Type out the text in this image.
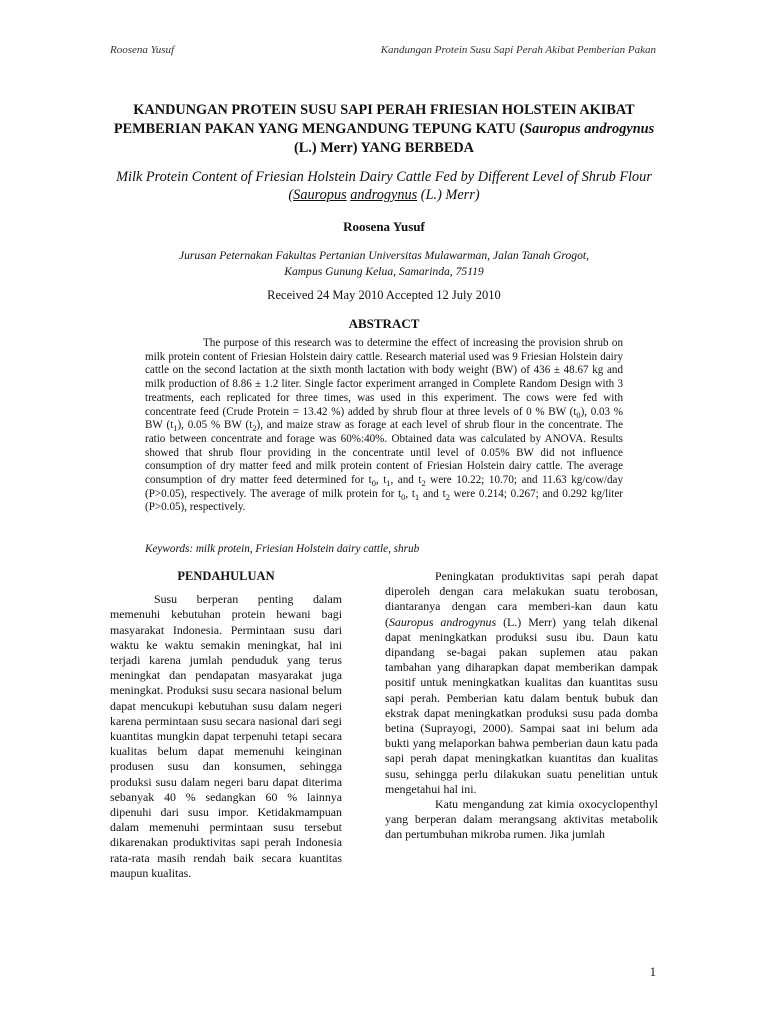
Roosena Yusuf	Kandungan Protein Susu Sapi Perah Akibat Pemberian Pakan
KANDUNGAN PROTEIN SUSU SAPI PERAH FRIESIAN HOLSTEIN AKIBAT PEMBERIAN PAKAN YANG MENGANDUNG TEPUNG KATU (Sauropus androgynus (L.) Merr) YANG BERBEDA
Milk Protein Content of Friesian Holstein Dairy Cattle Fed by Different Level of Shrub Flour (Sauropus androgynus (L.) Merr)
Roosena Yusuf
Jurusan Peternakan Fakultas Pertanian Universitas Mulawarman, Jalan Tanah Grogot,
Kampus Gunung Kelua, Samarinda, 75119
Received 24 May 2010 Accepted 12 July 2010
ABSTRACT

The purpose of this research was to determine the effect of increasing the provision shrub on milk protein content of Friesian Holstein dairy cattle. Research material used was 9 Friesian Holstein dairy cattle on the second lactation at the sixth month lactation with body weight (BW) of 436 ± 48.67 kg and milk production of 8.86 ± 1.2 liter. Single factor experiment arranged in Complete Random Design with 3 treatments, each replicated for three times, was used in this experiment. The cows were fed with concentrate feed (Crude Protein = 13.42 %) added by shrub flour at three levels of 0 % BW $(t_0)$, 0.03 % BW $(t_1)$, 0.05 % BW $(t_2)$, and maize straw as forage at each level of shrub flour in the concentrate. The ratio between concentrate and forage was 60%:40%. Obtained data was calculated by ANOVA. Results showed that shrub flour providing in the concentrate until level of 0.05% BW did not influence consumption of dry matter feed and milk protein content of Friesian Holstein dairy cattle. The average consumption of dry matter feed determined for $t_0$, $t_1$, and $t_2$ were 10.22; 10.70; and 11.63 kg/cow/day (P>0.05), respectively. The average of milk protein for $t_0$, $t_1$ and $t_2$ were 0.214; 0.267; and 0.292 kg/liter (P>0.05), respectively.

Keywords: milk protein, Friesian Holstein dairy cattle, shrub
PENDAHULUAN

Susu berperan penting dalam memenuhi kebutuhan protein hewani bagi masyarakat Indonesia. Permintaan susu dari waktu ke waktu semakin meningkat, hal ini terjadi karena jumlah penduduk yang terus meningkat dan pendapatan masyarakat juga meningkat. Produksi susu secara nasional belum dapat mencukupi kebutuhan susu dalam negeri karena permintaan susu secara nasional dari segi kuantitas mungkin dapat terpenuhi tetapi secara kualitas belum dapat memenuhi keinginan produsen susu dan konsumen, sehingga produksi susu dalam negeri baru dapat diterima sebanyak 40 % sedangkan 60 % lainnya dipenuhi dari susu impor. Ketidakmampuan dalam memenuhi permintaan susu tersebut dikarenakan produktivitas sapi perah Indonesia rata-rata masih rendah baik secara kuantitas maupun kualitas.

Peningkatan produktivitas sapi perah dapat diperoleh dengan cara melakukan suatu terobosan, diantaranya dengan cara memberi-kan daun katu (Sauropus androgynus (L.) Merr) yang telah dikenal dapat meningkatkan produksi susu ibu. Daun katu dipandang se-bagai pakan suplemen atau pakan tambahan yang diharapkan dapat memberikan dampak positif untuk meningkatkan kualitas dan kuantitas susu sapi perah. Pemberian katu dalam bentuk bubuk dan ekstrak dapat meningkatkan produksi susu pada domba betina (Suprayogi, 2000). Sampai saat ini belum ada bukti yang melaporkan bahwa pemberian daun katu pada sapi perah dapat meningkatkan kuantitas dan kualitas susu, sehingga perlu dilakukan suatu penelitian untuk mengetahui hal ini.

Katu mengandung zat kimia oxocyclopenthyl yang berperan dalam merangsang aktivitas metabolik dan pertumbuhan mikroba rumen. Jika jumlah

1
